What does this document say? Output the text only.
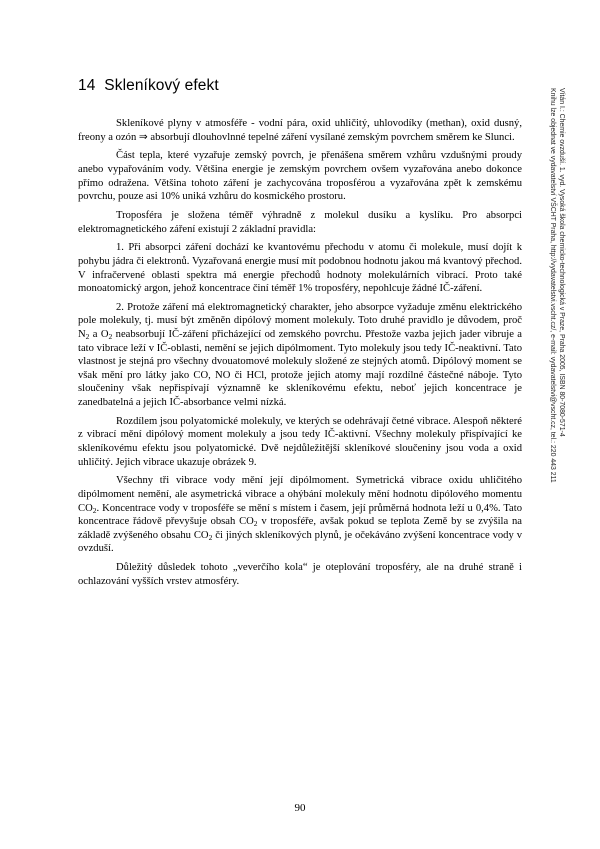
14 Skleníkový efekt

Skleníkové plyny v atmosféře - vodní pára, oxid uhličitý, uhlovodíky (methan), oxid dusný, freony a ozón ⇒ absorbují dlouhovlnné tepelné záření vysílané zemským povrchem směrem ke Slunci.

Část tepla, které vyzařuje zemský povrch, je přenášena směrem vzhůru vzdušnými proudy anebo vypařováním vody. Většina energie je zemským povrchem ovšem vyzařována anebo dokonce přímo odražena. Většina tohoto záření je zachycována troposférou a vyzařována zpět k zemskému povrchu, pouze asi 10% uniká vzhůru do kosmického prostoru.

Troposféra je složena téměř výhradně z molekul dusíku a kyslíku. Pro absorpci elektromagnetického záření existují 2 základní pravidla:

1. Při absorpci záření dochází ke kvantovému přechodu v atomu či molekule, musí dojít k pohybu jádra či elektronů. Vyzařovaná energie musí mít podobnou hodnotu jakou má kvantový přechod. V infračervené oblasti spektra má energie přechodů hodnoty molekulárních vibrací. Proto také monoatomický argon, jehož koncentrace činí téměř 1% troposféry, nepohlcuje žádné IČ-záření.

2. Protože záření má elektromagnetický charakter, jeho absorpce vyžaduje změnu elektrického pole molekuly, tj. musí být změněn dipólový moment molekuly. Toto druhé pravidlo je důvodem, proč $N_2$ a $O_2$ neabsorbují IČ-záření přicházející od zemského povrchu. Přestože vazba jejich jader vibruje a tato vibrace leží v IČ-oblasti, nemění se jejich dipólmoment. Tyto molekuly jsou tedy IČ-neaktivní. Tato vlastnost je stejná pro všechny dvouatomové molekuly složené ze stejných atomů. Dipólový moment se však mění pro látky jako CO, NO či HCl, protože jejich atomy mají rozdílné částečné náboje. Tyto sloučeniny však nepřispívají významně ke skleníkovému efektu, neboť jejich koncentrace je zanedbatelná a jejich IČ-absorbance velmi nízká.

Rozdílem jsou polyatomické molekuly, ve kterých se odehrávají četné vibrace. Alespoň některé z vibrací mění dipólový moment molekuly a jsou tedy IČ-aktivní. Všechny molekuly přispívající ke skleníkovému efektu jsou polyatomické. Dvě nejdůležitější skleníkové sloučeniny jsou voda a oxid uhličitý. Jejich vibrace ukazuje obrázek 9.

Všechny tři vibrace vody mění její dipólmoment. Symetrická vibrace oxidu uhličitého dipólmoment nemění, ale asymetrická vibrace a ohýbání molekuly mění hodnotu dipólového momentu $CO_2$. Koncentrace vody v troposféře se mění s místem i časem, její průměrná hodnota leží u 0,4%. Tato koncentrace řádově převyšuje obsah $CO_2$ v troposféře, avšak pokud se teplota Země by se zvýšila na základě zvýšeného obsahu $CO_2$ či jiných skleníkových plynů, je očekáváno zvýšení koncentrace vody v ovzduší.

Důležitý důsledek tohoto „veverčího kola“ je oteplování troposféry, ale na druhé straně i ochlazování vyšších vrstev atmosféry.

90
Vítán I.: Chemie ovzduší. 1. vyd. Vysoká škola chemicko-technologická v Praze, Praha 2005, ISBN 80-7080-571-4
Knihu lze objednat ve vydavatelství VŠCHT Praha, http://vydavatelstvi.vscht.cz/, e-mail: vydavatelstvi@vscht.cz, tel.: 220 443 211
